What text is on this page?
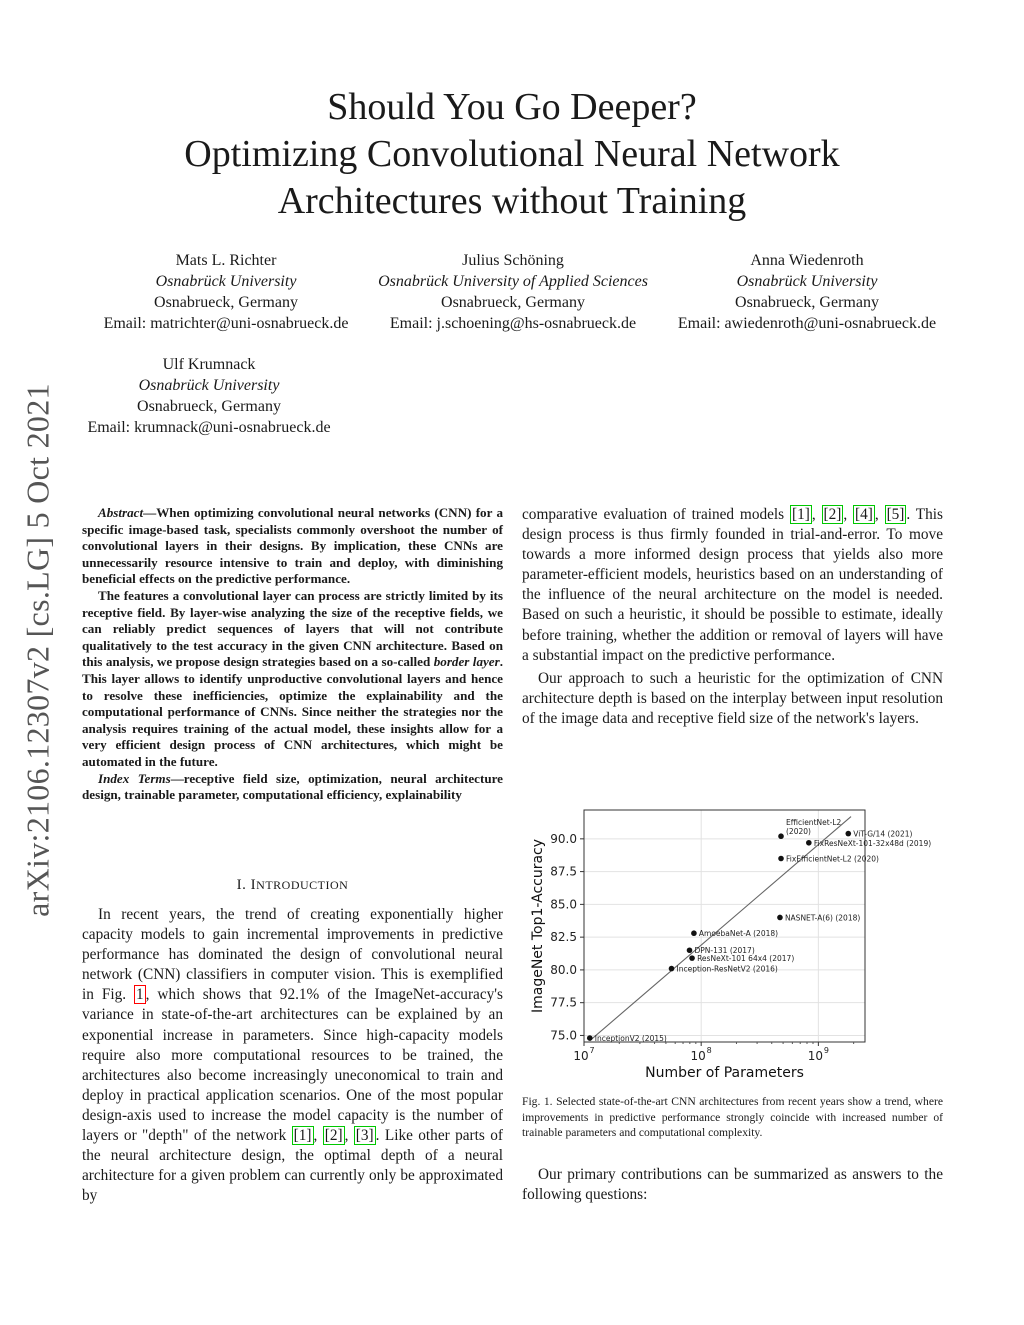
arXiv:2106.12307v2 [cs.LG] 5 Oct 2021
Should You Go Deeper?
Optimizing Convolutional Neural Network
Architectures without Training
Mats L. Richter
Osnabrück University
Osnabrueck, Germany
Email: matrichter@uni-osnabrueck.de
Julius Schöning
Osnabrück University of Applied Sciences
Osnabrueck, Germany
Email: j.schoening@hs-osnabrueck.de
Anna Wiedenroth
Osnabrück University
Osnabrueck, Germany
Email: awiedenroth@uni-osnabrueck.de
Ulf Krumnack
Osnabrück University
Osnabrueck, Germany
Email: krumnack@uni-osnabrueck.de

Abstract—When optimizing convolutional neural networks (CNN) for a specific image-based task, specialists commonly overshoot the number of convolutional layers in their designs. By implication, these CNNs are unnecessarily resource intensive to train and deploy, with diminishing beneficial effects on the predictive performance.

The features a convolutional layer can process are strictly limited by its receptive field. By layer-wise analyzing the size of the receptive fields, we can reliably predict sequences of layers that will not contribute qualitatively to the test accuracy in the given CNN architecture. Based on this analysis, we propose design strategies based on a so-called border layer. This layer allows to identify unproductive convolutional layers and hence to resolve these inefficiencies, optimize the explainability and the computational performance of CNNs. Since neither the strategies nor the analysis requires training of the actual model, these insights allow for a very efficient design process of CNN architectures, which might be automated in the future.

Index Terms—receptive field size, optimization, neural architecture design, trainable parameter, computational efficiency, explainability

I. INTRODUCTION

In recent years, the trend of creating exponentially higher capacity models to gain incremental improvements in predictive performance has dominated the design of convolutional neural network (CNN) classifiers in computer vision. This is exemplified in Fig. 1 , which shows that 92.1% of the ImageNet-accuracy's variance in state-of-the-art architectures can be explained by an exponential increase in parameters. Since high-capacity models require also more computational resources to be trained, the architectures also become increasingly uneconomical to train and deploy in practical application scenarios. One of the most popular design-axis used to increase the model capacity is the number of layers or "depth" of the network [1] , [2] , [3] . Like other parts of the neural architecture design, the optimal depth of a neural architecture for a given problem can currently only be approximated by

comparative evaluation of trained models [1] , [2] , [4] , [5] . This design process is thus firmly founded in trial-and-error. To move towards a more informed design process that yields also more parameter-efficient models, heuristics based on an understanding of the influence of the neural architecture on the model is needed. Based on such a heuristic, it should be possible to estimate, ideally before training, whether the addition or removal of layers will have a substantial impact on the predictive performance.

Our approach to such a heuristic for the optimization of CNN architecture depth is based on the interplay between input resolution of the image data and receptive field size of the network's layers.

75.0
77.5
80.0
82.5
85.0
87.5
90.0
10 7	10 8	10 9
InceptionV2 (2015)
Inception-ResNetV2 (2016)
ResNeXt-101 64x4 (2017)
DPN-131 (2017)
AmoebaNet-A (2018)
NASNET-A(6) (2018)
FixEfficientNet-L2 (2020)
EfficientNet-L2
(2020)
FixResNeXt-101-32x48d (2019)
ViT-G/14 (2021)
Number of Parameters
ImageNet Top1-Accuracy
Fig. 1. Selected state-of-the-art CNN architectures from recent years show a trend, where improvements in predictive performance strongly coincide with increased number of trainable parameters and computational complexity.

Our primary contributions can be summarized as answers to the following questions:
